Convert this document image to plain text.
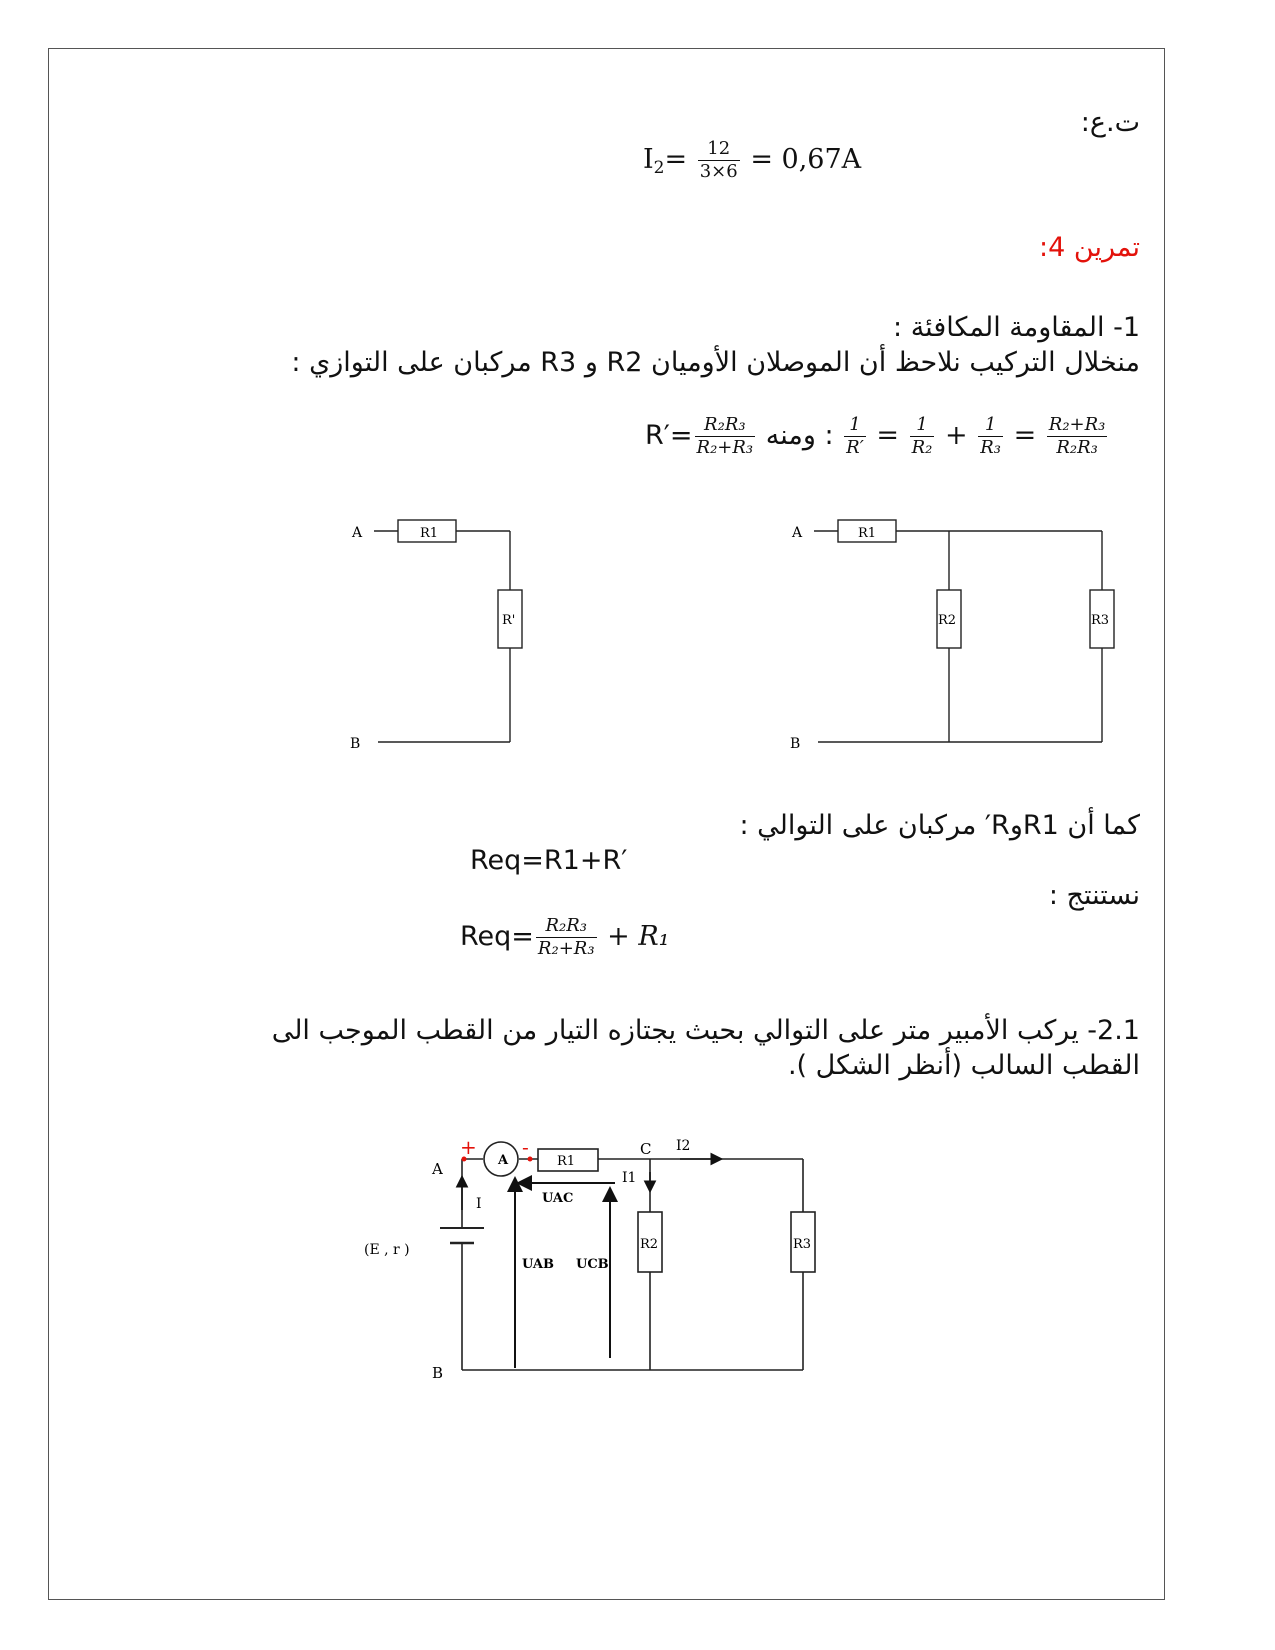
ت.ع:
$I_2= \frac{12}{3\times 6} = 0,67A$
تمرين 4:
1- المقاومة المكافئة :
منخلال التركيب نلاحظ أن الموصلان الأوميان R2 و R3 مركبان على التوازي :
$R'= \frac{\text{R₂R₃}}{\text{R₂+R₃}}$ : ومنه $\frac{1}{R'} = \frac{1}{\text{R₂}} + \frac{1}{\text{R₃}} = \frac{\text{R₂+R₃}}{\text{R₂R₃}}$
A	R1
R'
B
A	R1
R2	R3
B
كما أن R1وR′ مركبان على التوالي :
Req=R1+R′
نستنتج :
$Req= \frac{\text{R₂R₃}}{\text{R₂+R₃}} + R_1$
2.1- يركب الأمبير متر على التوالي بحيث يجتازه التيار من القطب الموجب الى
القطب السالب (أنظر الشكل ).
A
+ -
A	R1
C I2
I1
I	UAC
UAB UCB
R2	R3
(E , r )
B
